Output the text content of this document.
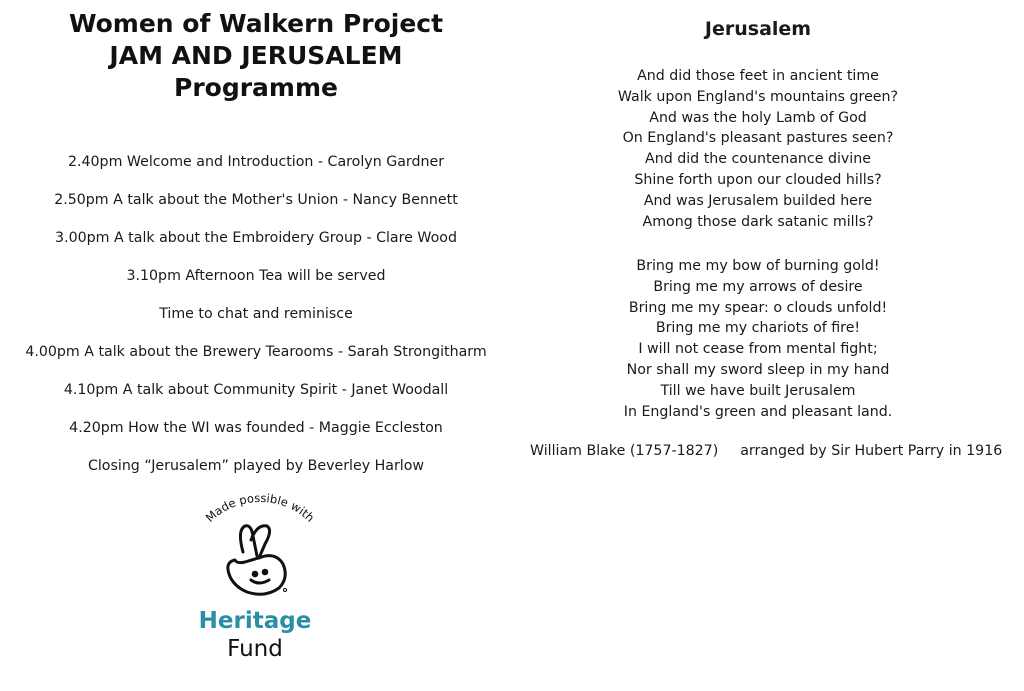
Women of Walkern Project

JAM AND JERUSALEM

Programme

2.40pm Welcome and Introduction - Carolyn Gardner
2.50pm A talk about the Mother's Union - Nancy Bennett
3.00pm A talk about the Embroidery Group - Clare Wood
3.10pm Afternoon Tea will be served
Time to chat and reminisce
4.00pm A talk about the Brewery Tearooms - Sarah Strongitharm
4.10pm A talk about Community Spirit - Janet Woodall
4.20pm How the WI was founded - Maggie Eccleston
Closing “Jerusalem” played by Beverley Harlow
Made possible with
Heritage
Fund
Jerusalem
And did those feet in ancient time
Walk upon England's mountains green?
And was the holy Lamb of God
On England's pleasant pastures seen?
And did the countenance divine
Shine forth upon our clouded hills?
And was Jerusalem builded here
Among those dark satanic mills?
Bring me my bow of burning gold!
Bring me my arrows of desire
Bring me my spear: o clouds unfold!
Bring me my chariots of fire!
I will not cease from mental fight;
Nor shall my sword sleep in my hand
Till we have built Jerusalem
In England's green and pleasant land.
William Blake (1757-1827) arranged by Sir Hubert Parry in 1916
